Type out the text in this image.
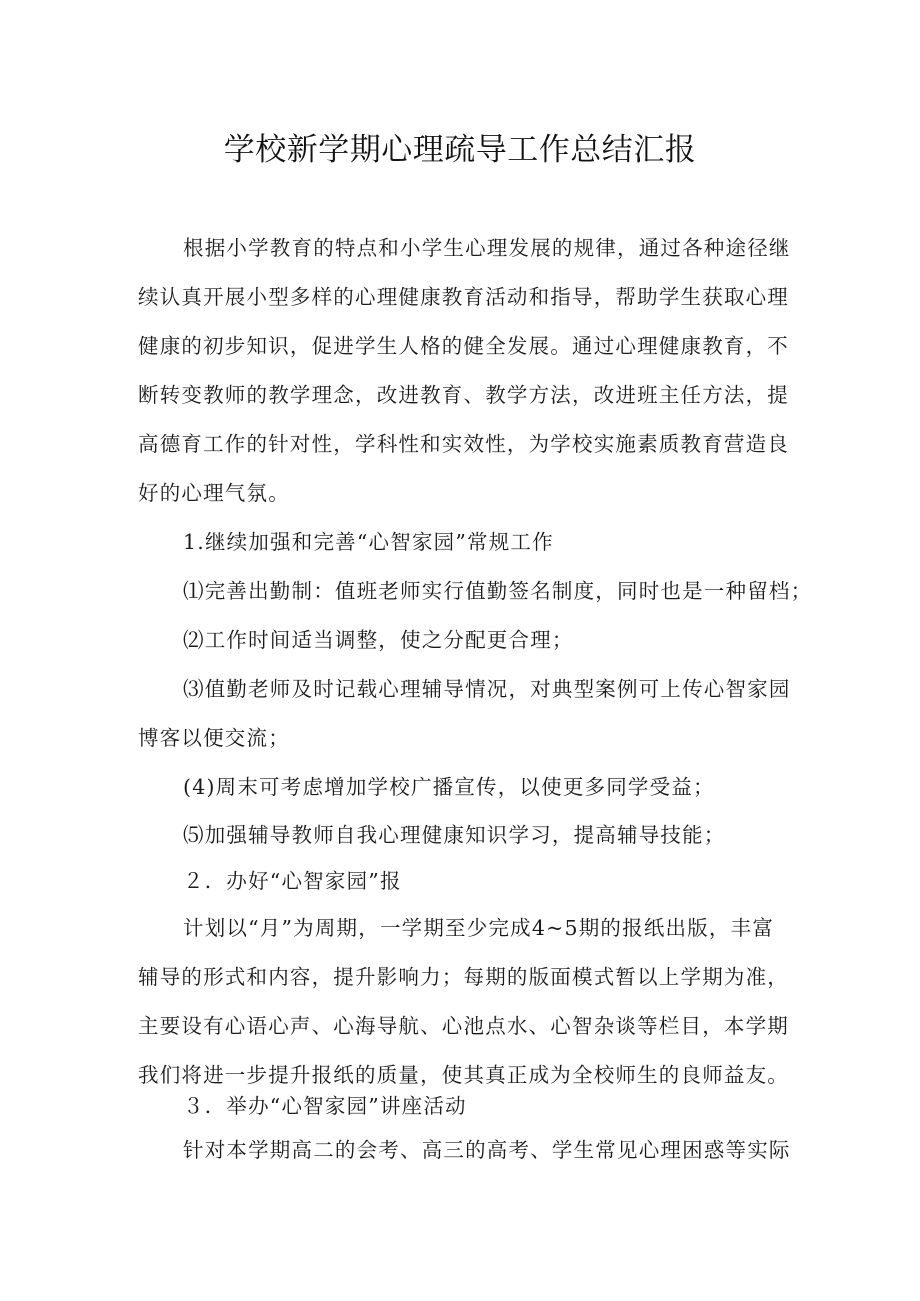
学校新学期心理疏导工作总结汇报
根据小学教育的特点和小学生心理发展的规律，通过各种途径继
续认真开展小型多样的心理健康教育活动和指导，帮助学生获取心理
健康的初步知识，促进学生人格的健全发展。通过心理健康教育，不
断转变教师的教学理念，改进教育、教学方法，改进班主任方法，提
高德育工作的针对性，学科性和实效性，为学校实施素质教育营造良
好的心理气氛。
1.继续加强和完善“心智家园”常规工作
⑴完善出勤制：值班老师实行值勤签名制度，同时也是一种留档；
⑵工作时间适当调整，使之分配更合理；
⑶值勤老师及时记载心理辅导情况，对典型案例可上传心智家园
博客以便交流；
(4)周末可考虑增加学校广播宣传，以使更多同学受益；
⑸加强辅导教师自我心理健康知识学习，提高辅导技能；
２．办好“心智家园”报
计划以“月”为周期，一学期至少完成4~5期的报纸出版，丰富
辅导的形式和内容，提升影响力；每期的版面模式暂以上学期为准，
主要设有心语心声、心海导航、心池点水、心智杂谈等栏目，本学期
我们将进一步提升报纸的质量，使其真正成为全校师生的良师益友。
３．举办“心智家园”讲座活动
针对本学期高二的会考、高三的高考、学生常见心理困惑等实际
